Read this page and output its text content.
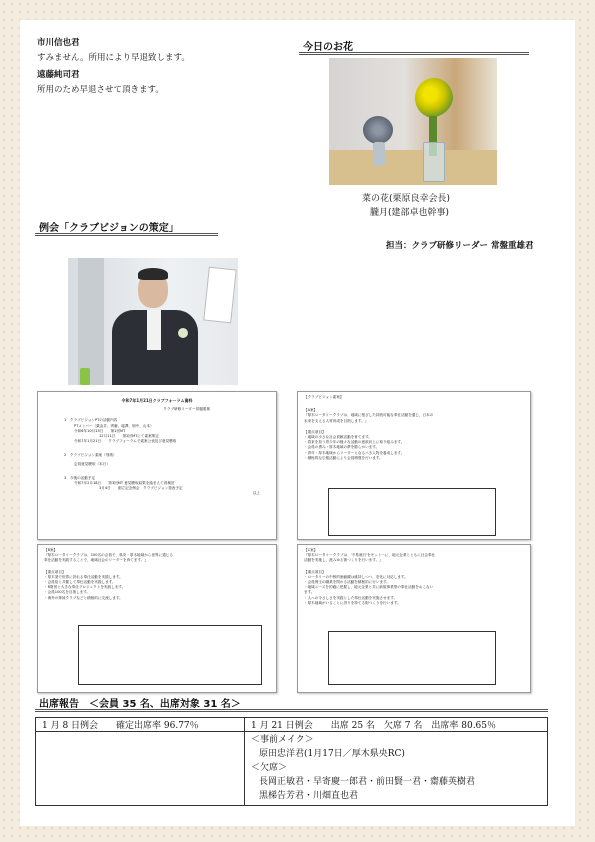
市川信也君
すみません。所用により早退致します。
遠藤純司君
所用のため早退させて頂きます。
今日のお花
菜の花(栗原良幸会長)
朧月(建部卓也幹事)
例会「クラブビジョンの策定」
担当：クラブ研修リーダー 常盤重雄君
令和7年1月21日クラブフォーラム資料
クラブ研修リーダー常盤重雄
1　クラブビジョンPTの活動内容
PTメンバー（栗金井、齊藤、堀澤、畑中、山本）
令和6年10月15日　　第1回MT
12月11日　　第2回MTにて素案策定
令和7年1月21日　　クラブフォーラムで素案公表及び意見聴取
2　クラブビジョン素案（別紙）
会員意見聴取（本日）
3　今後の活動予定
令和7年2月18日　　第3回MT 意見聴取結果を踏まえて再検討
3月4日　　創立記念例会　クラブビジョン発表予定
以上
【クラブビジョン素案】
【A案】
『厚木ロータリークラブは、地域に根ざした持続可能な奉仕活動を通じ、日本の
未来を支える人材育成を目指します。』
【重点項目】
・地域の小さな社会貢献活動を育てます。
・将来を担う青少年の様々な活動の意欲向上に取り組みます。
・会員の勇み・厚木地域の夢を膨らかいます。
・青年・厚木地域からリーダーとなるべき人物を養成します。
・積極的な広報活動により会員増強を行います。
【B案】
『厚木ロータリークラブは、100名の会員で、県央・厚木地域から世界に通じる
奉仕活動を実践することで、地域社会のリーダーを育てます。』
【重点項目】
・厚木発で世界に誇れる奉仕活動を実践します。
・会員倍と共催して奉仕活動を実践します。
・R財団と大きな奉仕プロジェクトを実践します。
・会員100名を目指します。
・海外の姉妹クラブなどと積極的に交流します。
【C案】
『厚木ロータリークラブは、'不易流行'をモットーに、地元企業とともに社会奉仕
活動を実施し、進みゆる街づくりを行います。』
【重点項目】
・ロータリーの中核的価値観は維持しつつ、変化に対応します。
・会員例王の職業を問わる活動を積極的に行います。
・地域ニーズを的確に把握し、地元企業と共に新規事業型の奉仕活動をおこない
ます。
・人への今さしさを実践とした奉仕活動を実施させます。
・厚木地域がいることに誇りを持てる街づくりを行います。
出席報告　＜会員 35 名、出席対象 31 名＞
1 月 8 日例会　　確定出席率 96.77％	1 月 21 日例会　　出席 25 名　欠席 7 名　出席率 80.65％

	＜事前メイク＞
原田忠洋君(1月17日／厚木県央RC)
＜欠席＞
長岡正敏君・早寄慶一郎君・前田賢一君・齋藤英樹君
黒梯告芳君・川畑直也君
